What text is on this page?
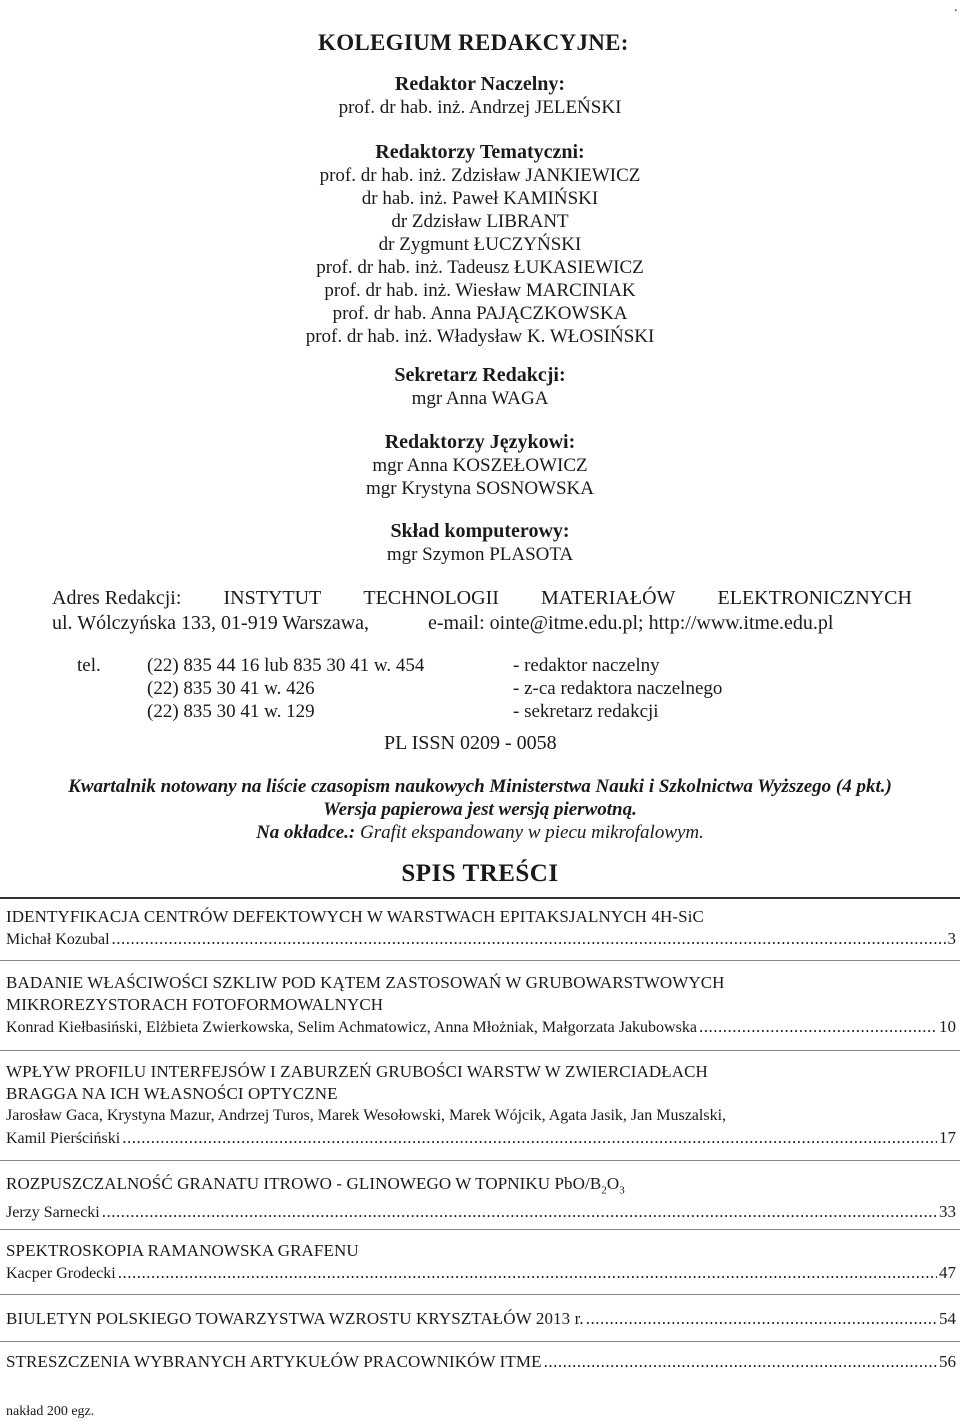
.
KOLEGIUM REDAKCYJNE:
Redaktor Naczelny:
prof. dr hab. inż. Andrzej JELEŃSKI
Redaktorzy Tematyczni:
prof. dr hab. inż. Zdzisław JANKIEWICZ
dr hab. inż. Paweł KAMIŃSKI
dr Zdzisław LIBRANT
dr Zygmunt ŁUCZYŃSKI
prof. dr hab. inż. Tadeusz ŁUKASIEWICZ
prof. dr hab. inż. Wiesław MARCINIAK
prof. dr hab. Anna PAJĄCZKOWSKA
prof. dr hab. inż. Władysław K. WŁOSIŃSKI
Sekretarz Redakcji:
mgr Anna WAGA
Redaktorzy Językowi:
mgr Anna KOSZEŁOWICZ
mgr Krystyna SOSNOWSKA
Skład komputerowy:
mgr Szymon PLASOTA
Adres Redakcji: INSTYTUT TECHNOLOGII MATERIAŁÓW ELEKTRONICZNYCH
ul. Wólczyńska 133, 01-919 Warszawa,	e-mail: ointe@itme.edu.pl; http://www.itme.edu.pl
tel.	(22) 835 44 16 lub 835 30 41 w. 454	- redaktor naczelny
(22) 835 30 41 w. 426	- z-ca redaktora naczelnego
(22) 835 30 41 w. 129	- sekretarz redakcji
PL ISSN 0209 - 0058
Kwartalnik notowany na liście czasopism naukowych Ministerstwa Nauki i Szkolnictwa Wyższego (4 pkt.)
Wersja papierowa jest wersją pierwotną.
Na okładce.: Grafit ekspandowany w piecu mikrofalowym.
SPIS TREŚCI
IDENTYFIKACJA CENTRÓW DEFEKTOWYCH W WARSTWACH EPITAKSJALNYCH 4H-SiC
Michał Kozubal .....	3
BADANIE WŁAŚCIWOŚCI SZKLIW POD KĄTEM ZASTOSOWAŃ W GRUBOWARSTWOWYCH
MIKROREZYSTORACH FOTOFORMOWALNYCH
Konrad Kiełbasiński, Elżbieta Zwierkowska, Selim Achmatowicz, Anna Młożniak, Małgorzata Jakubowska .....	10
WPŁYW PROFILU INTERFEJSÓW I ZABURZEŃ GRUBOŚCI WARSTW W ZWIERCIADŁACH
BRAGGA NA ICH WŁASNOŚCI OPTYCZNE
Jarosław Gaca, Krystyna Mazur, Andrzej Turos, Marek Wesołowski, Marek Wójcik, Agata Jasik, Jan Muszalski,
Kamil Pierściński .....	17
ROZPUSZCZALNOŚĆ GRANATU ITROWO - GLINOWEGO W TOPNIKU PbO/$B_2O_3$
Jerzy Sarnecki .....	33
SPEKTROSKOPIA RAMANOWSKA GRAFENU
Kacper Grodecki .....	47
BIULETYN POLSKIEGO TOWARZYSTWA WZROSTU KRYSZTAŁÓW 2013 r. .....	54
STRESZCZENIA WYBRANYCH ARTYKUŁÓW PRACOWNIKÓW ITME .....	56
nakład 200 egz.
